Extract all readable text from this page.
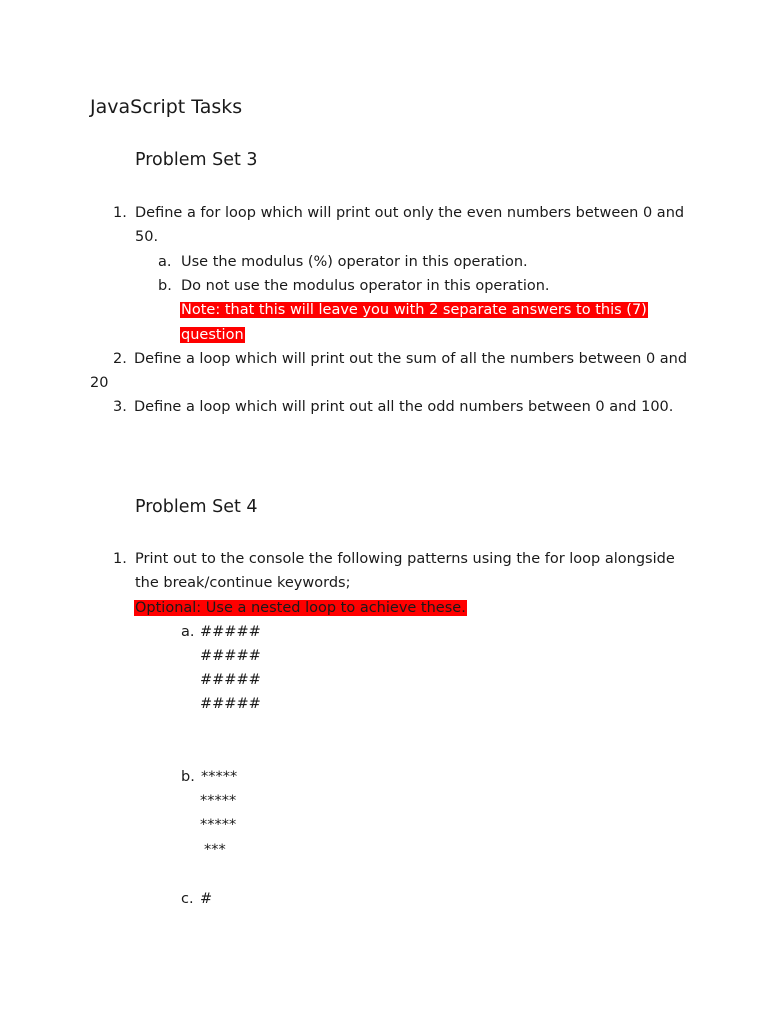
JavaScript Tasks
Problem Set 3
1. Define a for loop which will print out only the even numbers between 0 and
50.
a. Use the modulus (%) operator in this operation.
b. Do not use the modulus operator in this operation.
Note: that this will leave you with 2 separate answers to this (7)
question
2. Define a loop which will print out the sum of all the numbers between 0 and
20
3. Define a loop which will print out all the odd numbers between 0 and 100.
Problem Set 4
1. Print out to the console the following patterns using the for loop alongside
the break/continue keywords;
Optional: Use a nested loop to achieve these.
a. #####
#####
#####
#####
b. *****
*****
*****
***
c. #
